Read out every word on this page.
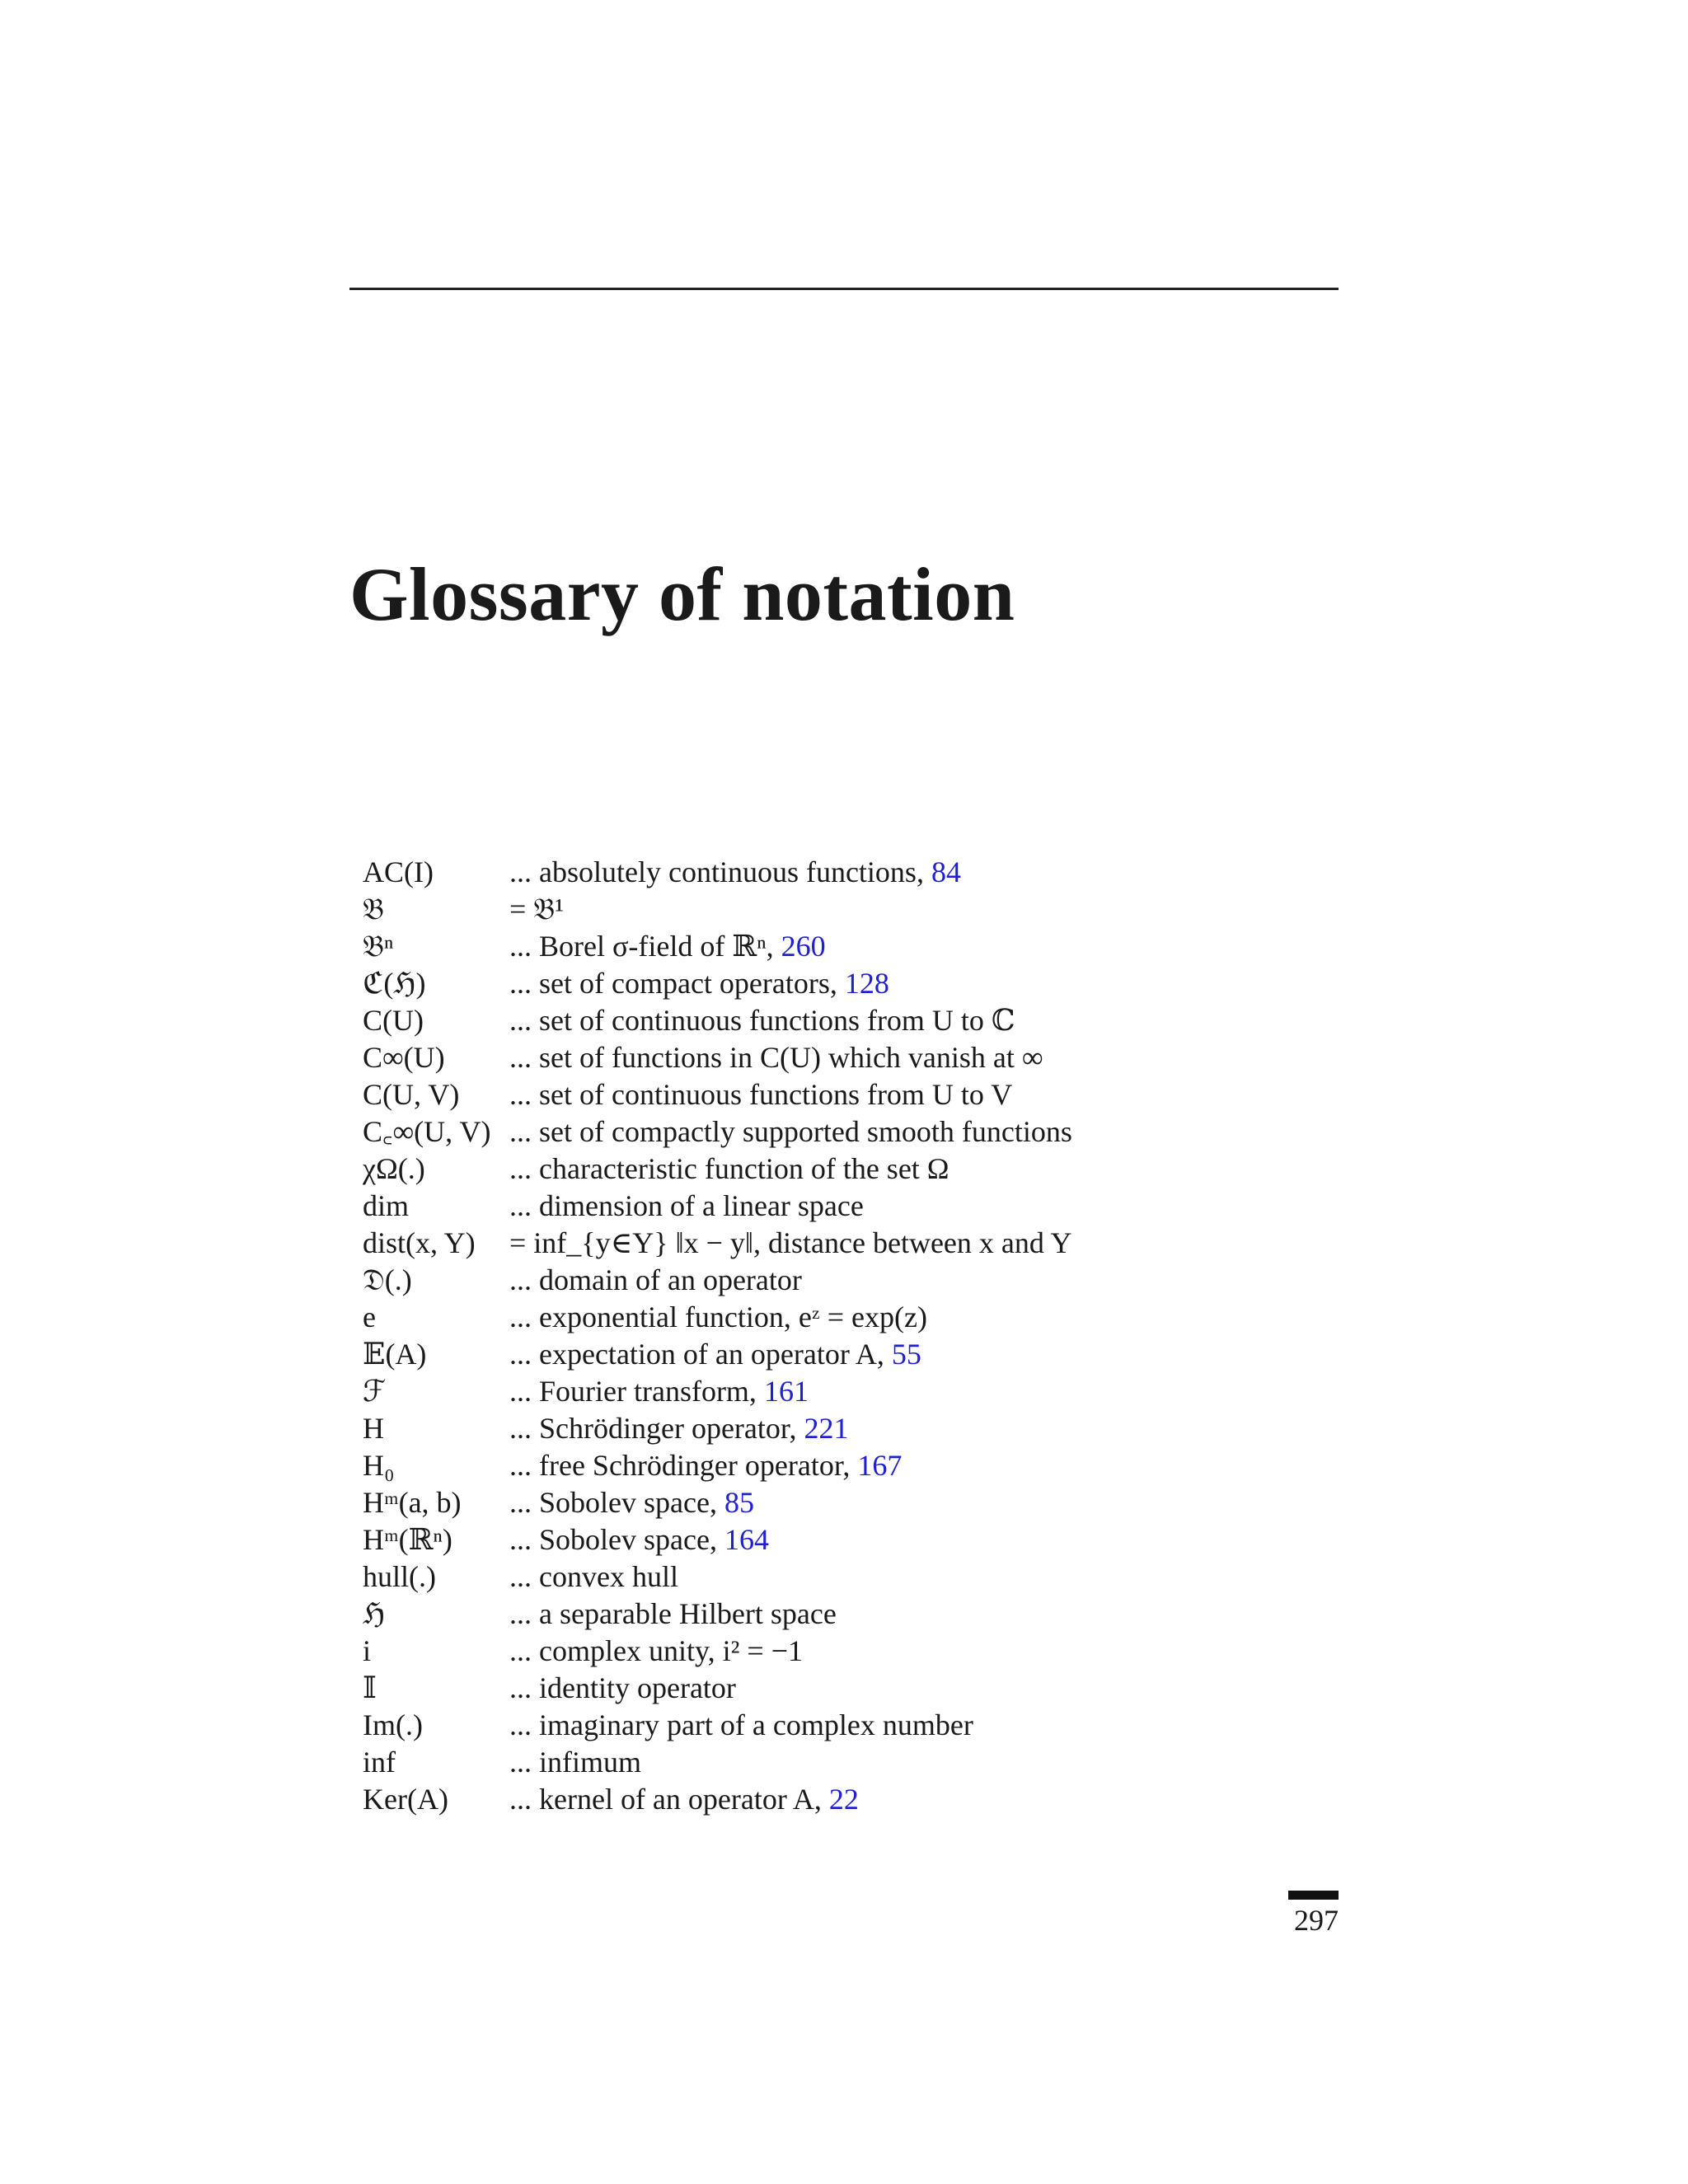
Glossary of notation
AC(I)	... absolutely continuous functions, 84
𝔅	= 𝔅¹
𝔅ⁿ	... Borel σ-field of ℝⁿ, 260
ℭ(ℌ)	... set of compact operators, 128
C(U)	... set of continuous functions from U to ℂ
C∞(U)	... set of functions in C(U) which vanish at ∞
C(U, V)	... set of continuous functions from U to V
C꜀∞(U, V) ... set of compactly supported smooth functions
χΩ(.)	... characteristic function of the set Ω
dim	... dimension of a linear space
dist(x, Y)	= inf_{y∈Y} ‖x − y‖, distance between x and Y
𝔇(.)	... domain of an operator
e	... exponential function, eᶻ = exp(z)
𝔼(A)	... expectation of an operator A, 55
ℱ	... Fourier transform, 161
H	... Schrödinger operator, 221
H₀	... free Schrödinger operator, 167
Hᵐ(a, b)	... Sobolev space, 85
Hᵐ(ℝⁿ)	... Sobolev space, 164
hull(.)	... convex hull
ℌ	... a separable Hilbert space
i	... complex unity, i² = −1
𝕀	... identity operator
Im(.)	... imaginary part of a complex number
inf	... infimum
Ker(A)	... kernel of an operator A, 22
297
